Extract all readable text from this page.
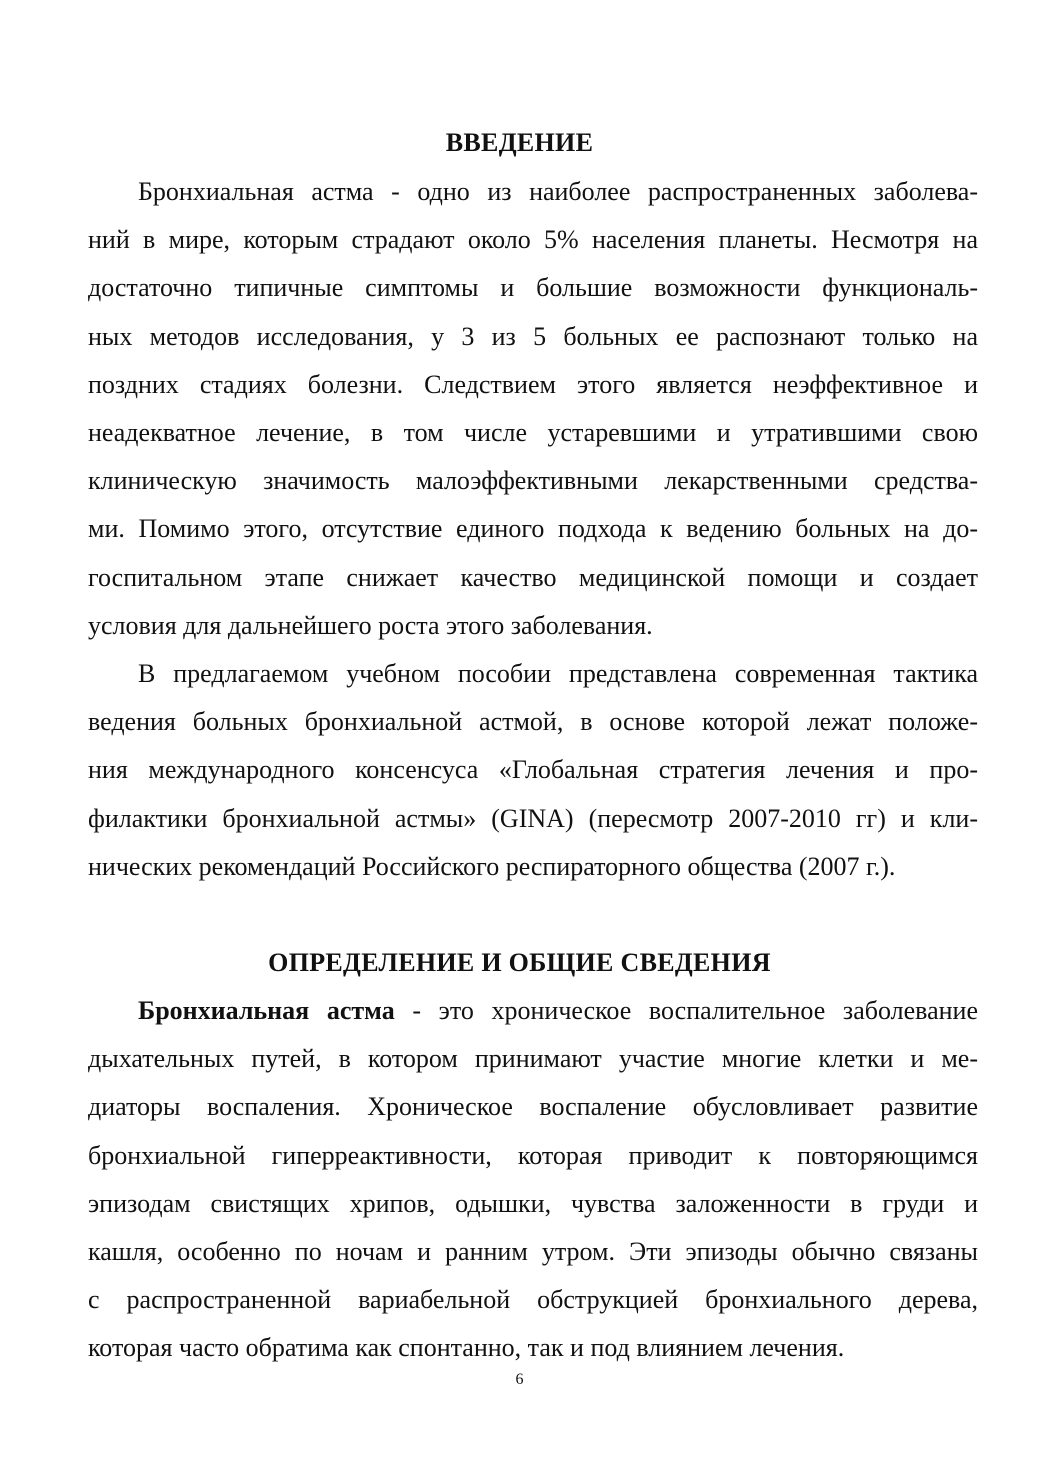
ВВЕДЕНИЕ
Бронхиальная астма - одно из наиболее распространенных заболева-
ний в мире, которым страдают около 5% населения планеты. Несмотря на
достаточно типичные симптомы и большие возможности функциональ-
ных методов исследования, у 3 из 5 больных ее распознают только на
поздних стадиях болезни. Следствием этого является неэффективное и
неадекватное лечение, в том числе устаревшими и утратившими свою
клиническую значимость малоэффективными лекарственными средства-
ми. Помимо этого, отсутствие единого подхода к ведению больных на до-
госпитальном этапе снижает качество медицинской помощи и создает
условия для дальнейшего роста этого заболевания.
В предлагаемом учебном пособии представлена современная тактика
ведения больных бронхиальной астмой, в основе которой лежат положе-
ния международного консенсуса «Глобальная стратегия лечения и про-
филактики бронхиальной астмы» (GINA) (пересмотр 2007-2010 гг) и кли-
нических рекомендаций Российского респираторного общества (2007 г.).
ОПРЕДЕЛЕНИЕ И ОБЩИЕ СВЕДЕНИЯ
Бронхиальная астма - это хроническое воспалительное заболевание
дыхательных путей, в котором принимают участие многие клетки и ме-
диаторы воспаления. Хроническое воспаление обусловливает развитие
бронхиальной гиперреактивности, которая приводит к повторяющимся
эпизодам свистящих хрипов, одышки, чувства заложенности в груди и
кашля, особенно по ночам и ранним утром. Эти эпизоды обычно связаны
с распространенной вариабельной обструкцией бронхиального дерева,
которая часто обратима как спонтанно, так и под влиянием лечения.
6
